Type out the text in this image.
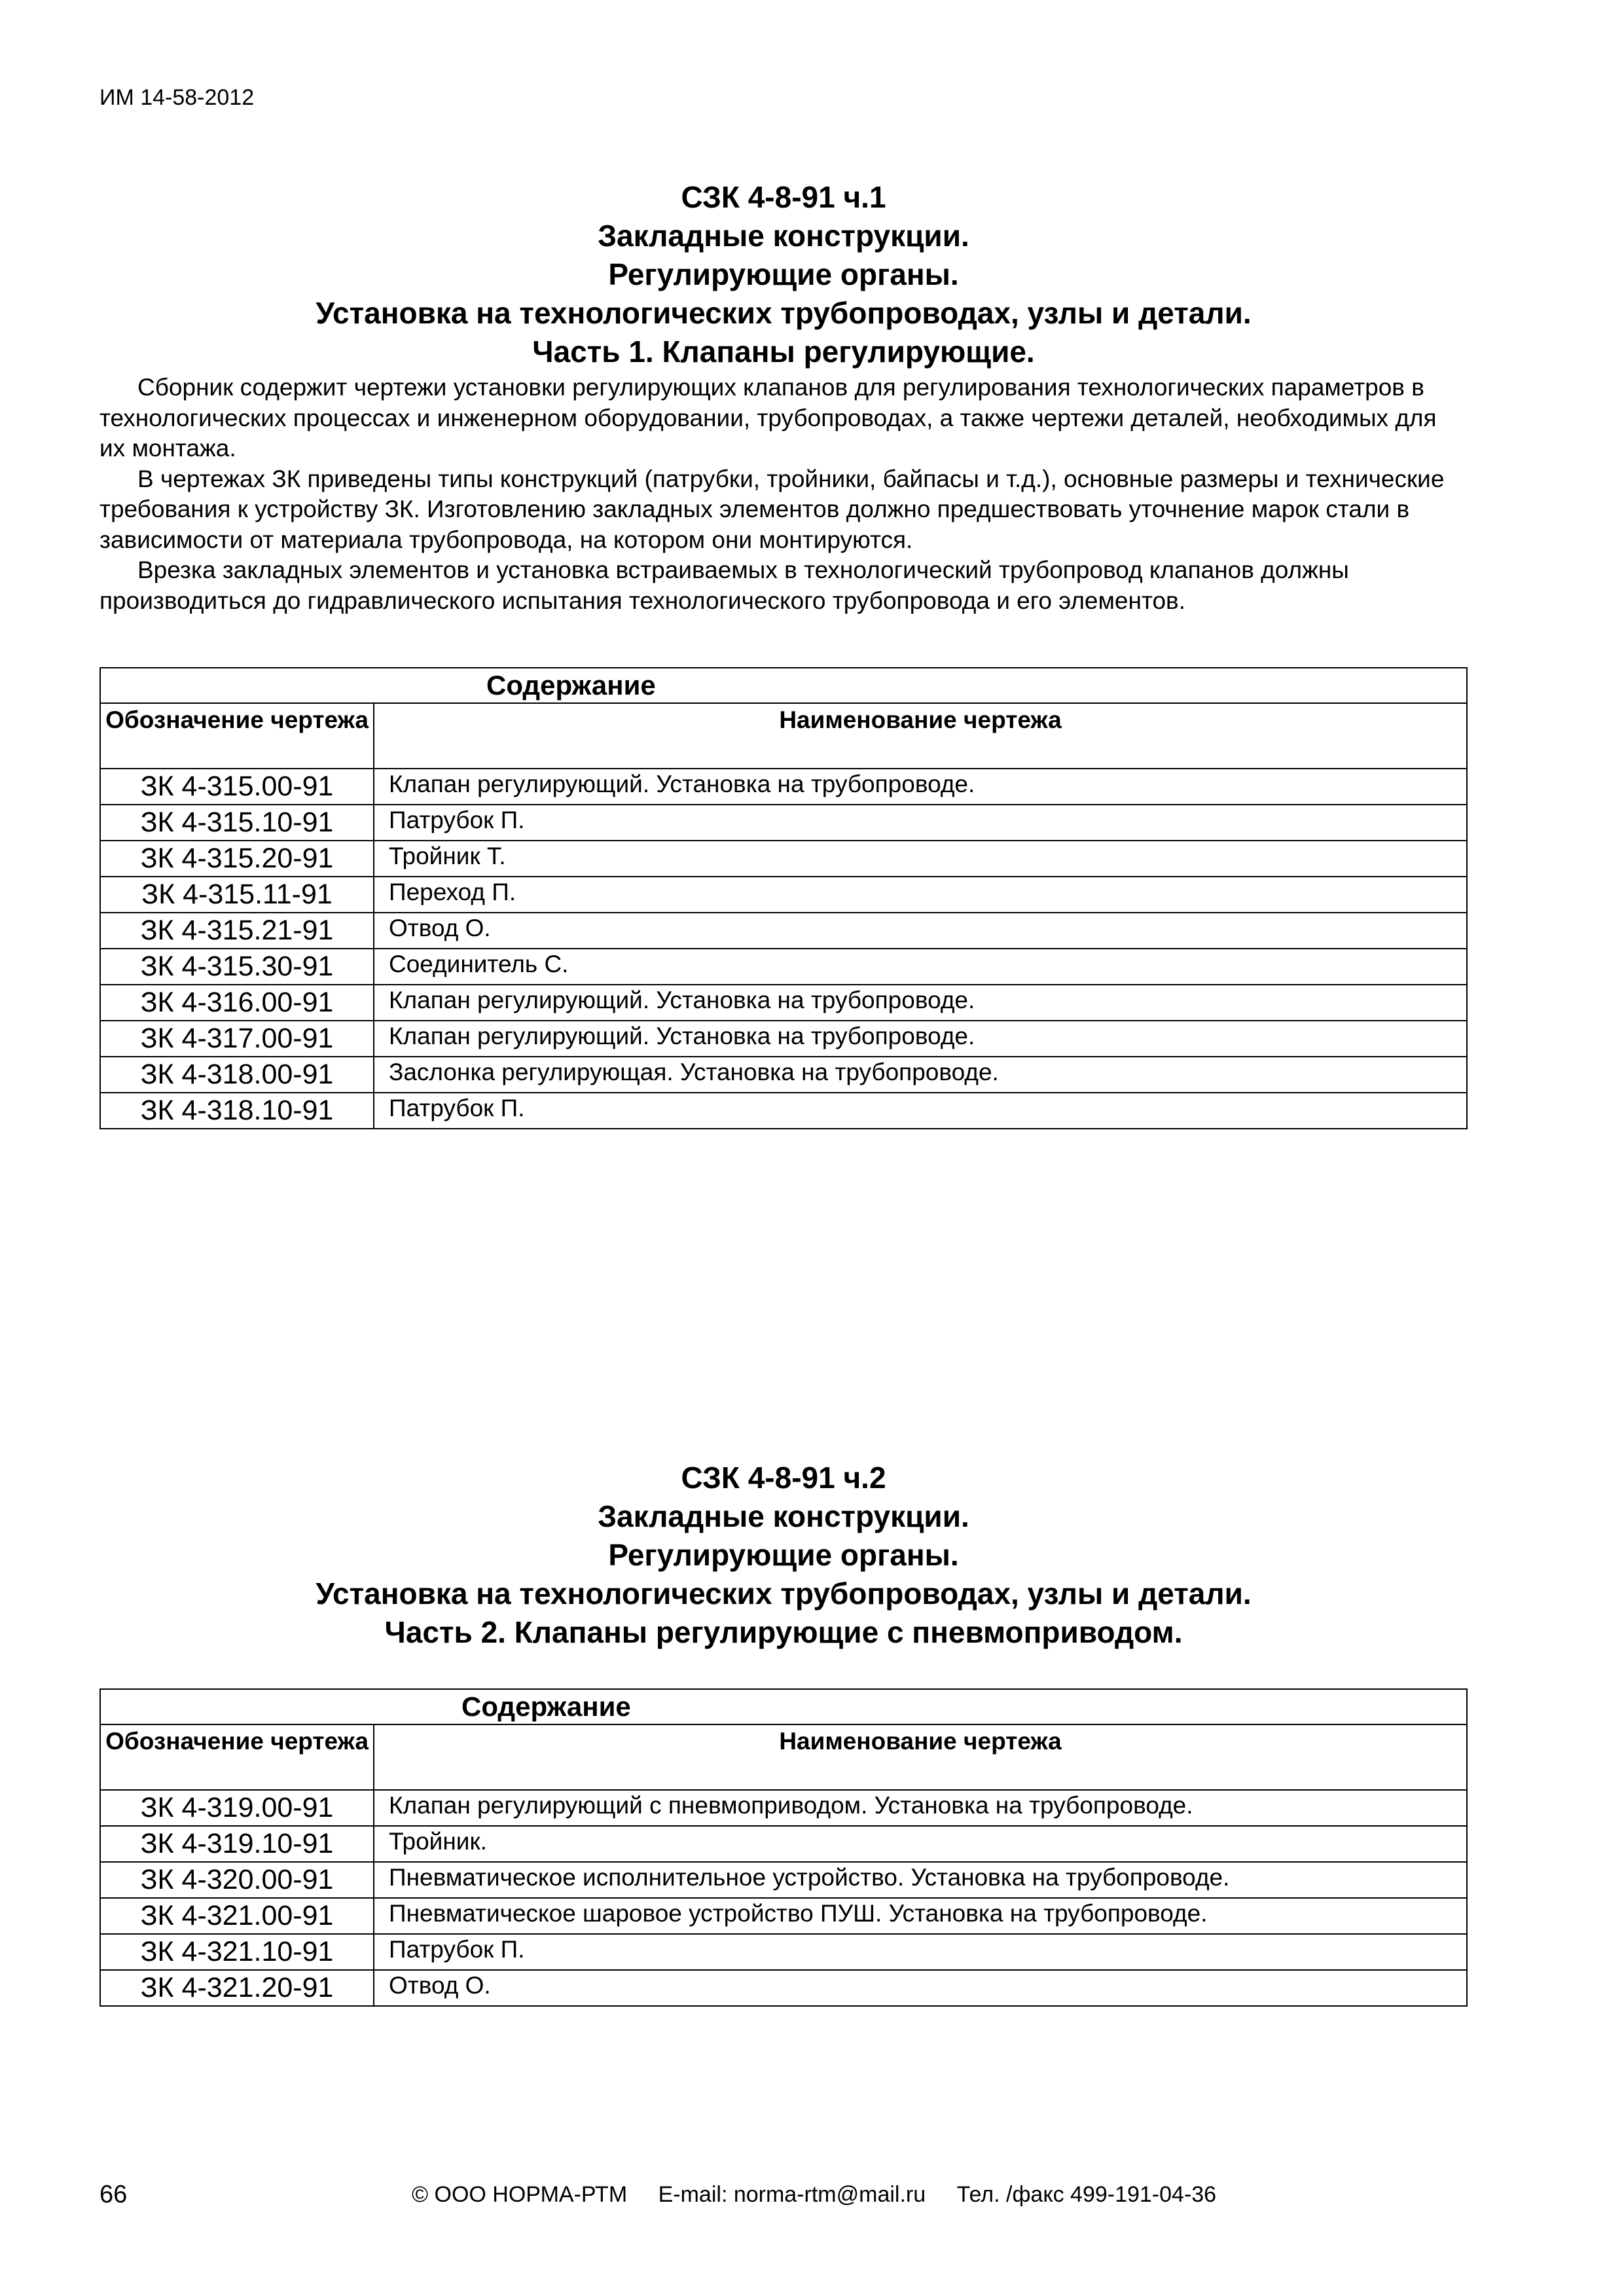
ИМ 14-58-2012
СЗК 4-8-91 ч.1
Закладные конструкции.
Регулирующие органы.
Установка на технологических трубопроводах, узлы и детали.
Часть 1. Клапаны регулирующие.

Сборник содержит чертежи установки регулирующих клапанов для регулирования технологических параметров в технологических процессах и инженерном оборудовании, трубопроводах, а также чертежи деталей, необходимых для их монтажа.

В чертежах ЗК приведены типы конструкций (патрубки, тройники, байпасы и т.д.), основные размеры и технические требования к устройству ЗК. Изготовлению закладных элементов должно предшествовать уточнение марок стали в зависимости от материала трубопровода, на котором они монтируются.

Врезка закладных элементов и установка встраиваемых в технологический трубопровод клапанов должны производиться до гидравлического испытания технологического трубопровода и его элементов.

Содержание	
Обозначение чертежа	Наименование чертежа
ЗК 4-315.00-91	Клапан регулирующий. Установка на трубопроводе.
ЗК 4-315.10-91	Патрубок П.
ЗК 4-315.20-91	Тройник Т.
ЗК 4-315.11-91	Переход П.
ЗК 4-315.21-91	Отвод О.
ЗК 4-315.30-91	Соединитель С.
ЗК 4-316.00-91	Клапан регулирующий. Установка на трубопроводе.
ЗК 4-317.00-91	Клапан регулирующий. Установка на трубопроводе.
ЗК 4-318.00-91	Заслонка регулирующая. Установка на трубопроводе.
ЗК 4-318.10-91	Патрубок П.
СЗК 4-8-91 ч.2
Закладные конструкции.
Регулирующие органы.
Установка на технологических трубопроводах, узлы и детали.
Часть 2. Клапаны регулирующие с пневмоприводом.
Содержание	
Обозначение чертежа	Наименование чертежа
ЗК 4-319.00-91	Клапан регулирующий с пневмоприводом. Установка на трубопроводе.
ЗК 4-319.10-91	Тройник.
ЗК 4-320.00-91	Пневматическое исполнительное устройство. Установка на трубопроводе.
ЗК 4-321.00-91	Пневматическое шаровое устройство ПУШ. Установка на трубопроводе.
ЗК 4-321.10-91	Патрубок П.
ЗК 4-321.20-91	Отвод О.
66	© ООО НОРМА-РТМ E-mail: norma-rtm@mail.ru Тел. /факс 499-191-04-36
